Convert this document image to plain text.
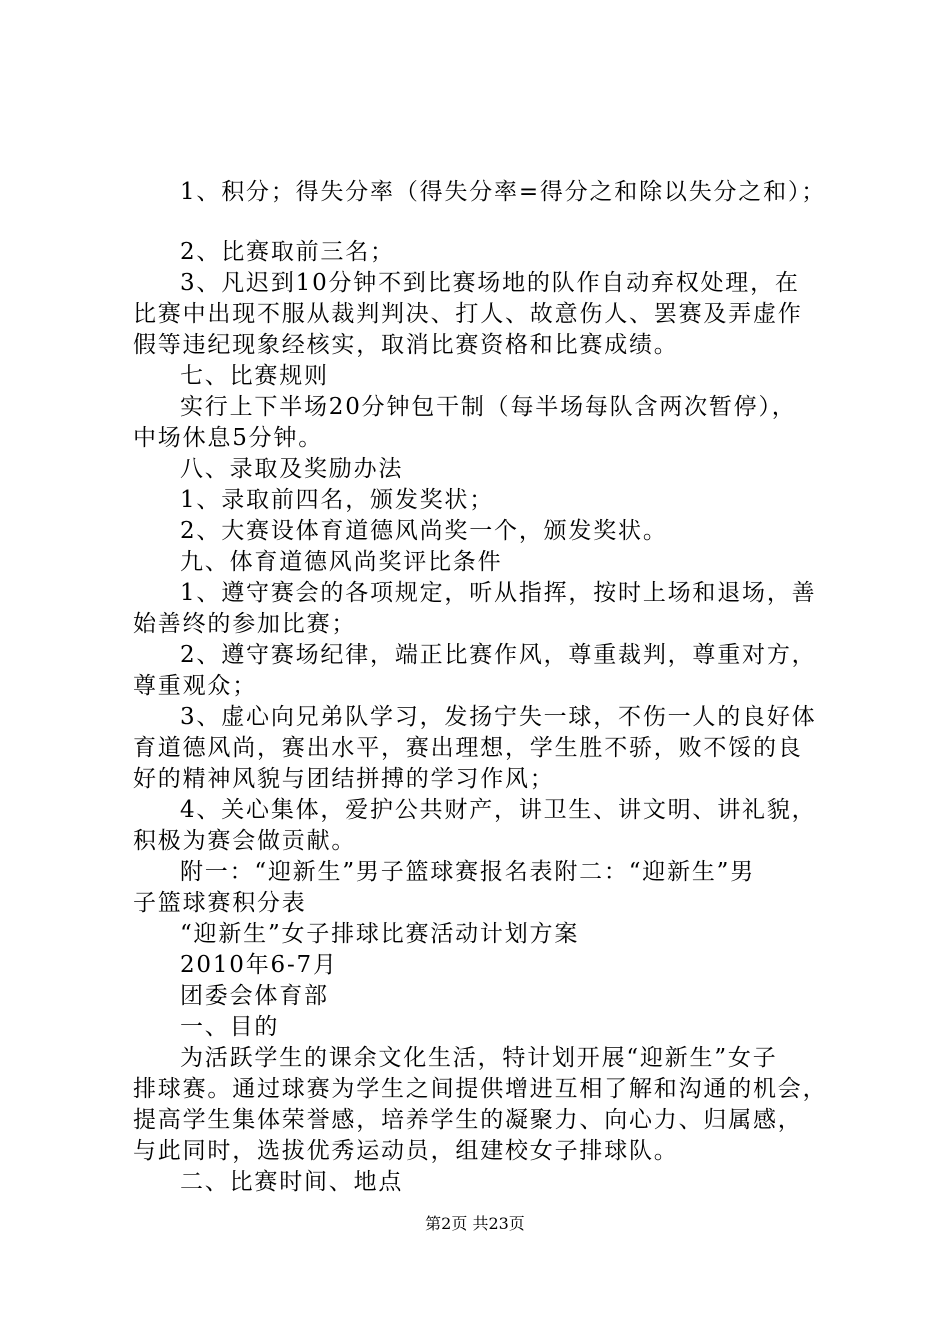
1、积分；得失分率（得失分率=得分之和除以失分之和）；
2、比赛取前三名；
3、凡迟到10分钟不到比赛场地的队作自动弃权处理，在
比赛中出现不服从裁判判决、打人、故意伤人、罢赛及弄虚作
假等违纪现象经核实，取消比赛资格和比赛成绩。
七、比赛规则
实行上下半场20分钟包干制（每半场每队含两次暂停），
中场休息5分钟。
八、录取及奖励办法
1、录取前四名，颁发奖状；
2、大赛设体育道德风尚奖一个，颁发奖状。
九、体育道德风尚奖评比条件
1、遵守赛会的各项规定，听从指挥，按时上场和退场，善
始善终的参加比赛；
2、遵守赛场纪律，端正比赛作风，尊重裁判，尊重对方，
尊重观众；
3、虚心向兄弟队学习，发扬宁失一球，不伤一人的良好体
育道德风尚，赛出水平，赛出理想，学生胜不骄，败不馁的良
好的精神风貌与团结拼搏的学习作风；
4、关心集体，爱护公共财产，讲卫生、讲文明、讲礼貌，
积极为赛会做贡献。
附一：“迎新生”男子篮球赛报名表附二：“迎新生”男
子篮球赛积分表
“迎新生”女子排球比赛活动计划方案
2010年6-7月
团委会体育部
一、目的
为活跃学生的课余文化生活，特计划开展“迎新生”女子
排球赛。通过球赛为学生之间提供增进互相了解和沟通的机会，
提高学生集体荣誉感，培养学生的凝聚力、向心力、归属感，
与此同时，选拔优秀运动员，组建校女子排球队。
二、比赛时间、地点
第2页 共23页
